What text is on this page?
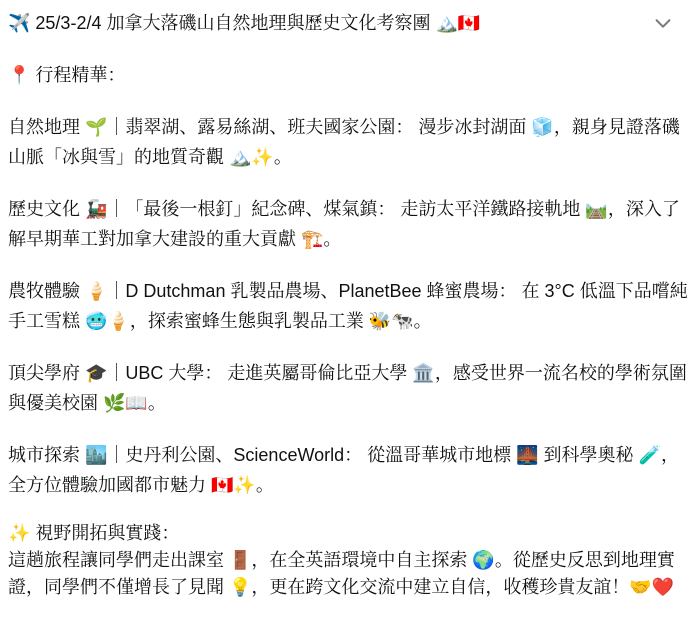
✈️ 25/3-2/4 加拿大落磯山自然地理與歷史文化考察團 🏔️🇨🇦
📍 行程精華：

自然地理 🌱｜翡翠湖、露易絲湖、班夫國家公園： 漫步冰封湖面 🧊，親身見證落磯山脈「冰與雪」的地質奇觀 🏔️✨。

歷史文化 🚂｜「最後一根釘」紀念碑、煤氣鎮： 走訪太平洋鐵路接軌地 🛤️，深入了解早期華工對加拿大建設的重大貢獻 🏗️。

農牧體驗 🍦｜D Dutchman 乳製品農場、PlanetBee 蜂蜜農場： 在 3°C 低溫下品嚐純手工雪糕 🥶🍦，探索蜜蜂生態與乳製品工業 🐝🐄。

頂尖學府 🎓｜UBC 大學： 走進英屬哥倫比亞大學 🏛️，感受世界一流名校的學術氛圍與優美校園 🌿📖。

城市探索 🏙️｜史丹利公園、ScienceWorld： 從溫哥華城市地標 🌉 到科學奧秘 🧪，全方位體驗加國都市魅力 🇨🇦✨。

✨ 視野開拓與實踐：
這趟旅程讓同學們走出課室 🚪，在全英語環境中自主探索 🌍。從歷史反思到地理實證，同學們不僅增長了見聞 💡，更在跨文化交流中建立自信，收穫珍貴友誼！🤝❤️
